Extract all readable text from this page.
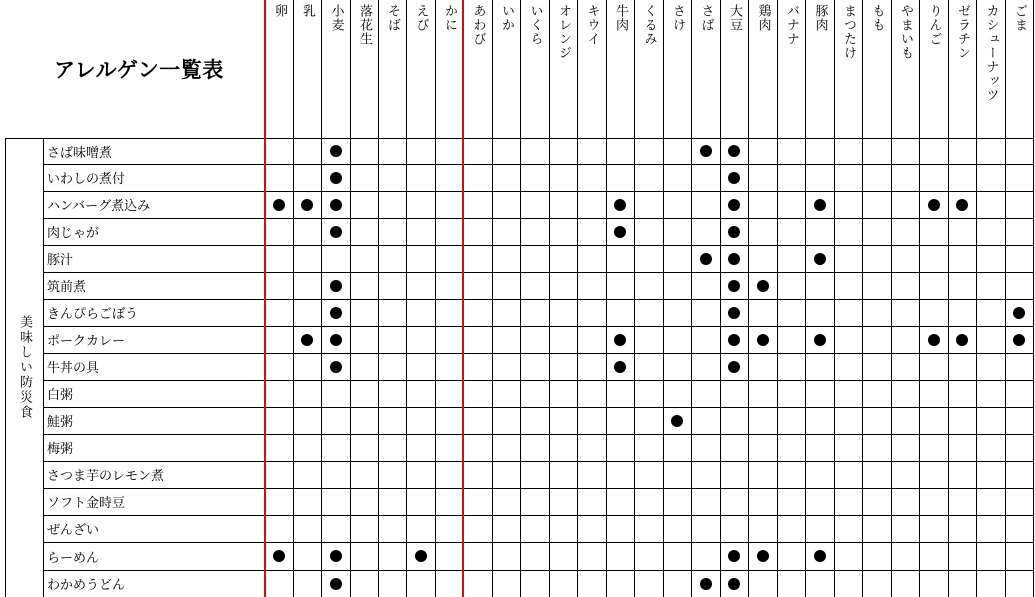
アレルゲン一覧表
卵 乳 小麦 落花生 そば えび かに あわび いか いくら オレンジ キウイ 牛肉 くるみ さけ さば 大豆 鶏肉 バナナ 豚肉 まつたけ もも やまいも りんご ゼラチン カシューナッツ ごま
美味しい防災食
さば味噌煮
いわしの煮付
ハンバーグ煮込み
肉じゃが
豚汁
筑前煮
きんぴらごぼう
ポークカレー
牛丼の具
白粥
鮭粥
梅粥
さつま芋のレモン煮
ソフト金時豆
ぜんざい
らーめん
わかめうどん
